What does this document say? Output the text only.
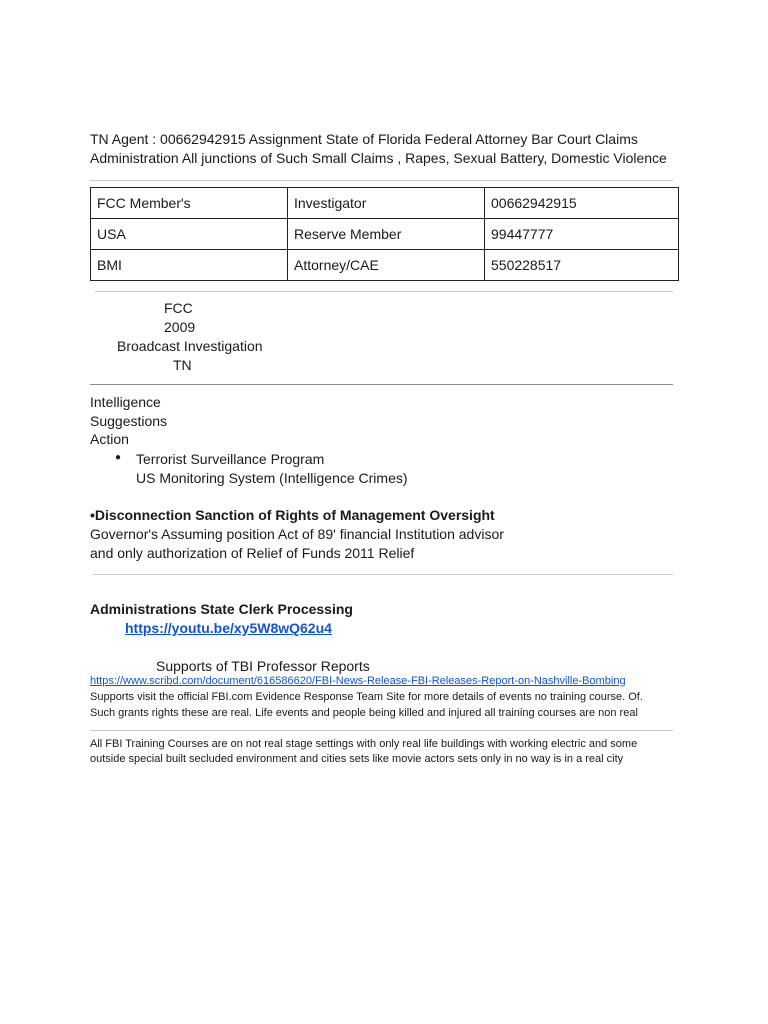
TN Agent : 00662942915 Assignment State of Florida Federal Attorney Bar Court Claims
Administration All junctions of Such Small Claims , Rapes, Sexual Battery, Domestic Violence
FCC Member's	Investigator	00662942915
USA	Reserve Member	99447777
BMI	Attorney/CAE	550228517
FCC
2009
Broadcast Investigation
TN
Intelligence
Suggestions
Action
● Terrorist Surveillance Program
US Monitoring System (Intelligence Crimes)
•Disconnection Sanction of Rights of Management Oversight
Governor's Assuming position Act of 89' financial Institution advisor
and only authorization of Relief of Funds 2011 Relief
Administrations State Clerk Processing
https://youtu.be/xy5W8wQ62u4
Supports of TBI Professor Reports
https://www.scribd.com/document/616586620/FBI-News-Release-FBI-Releases-Report-on-Nashville-Bombing
Supports visit the official FBI.com Evidence Response Team Site for more details of events no training course. Of.
Such grants rights these are real. Life events and people being killed and injured all training courses are non real
All FBI Training Courses are on not real stage settings with only real life buildings with working electric and some
outside special built secluded environment and cities sets like movie actors sets only in no way is in a real city
